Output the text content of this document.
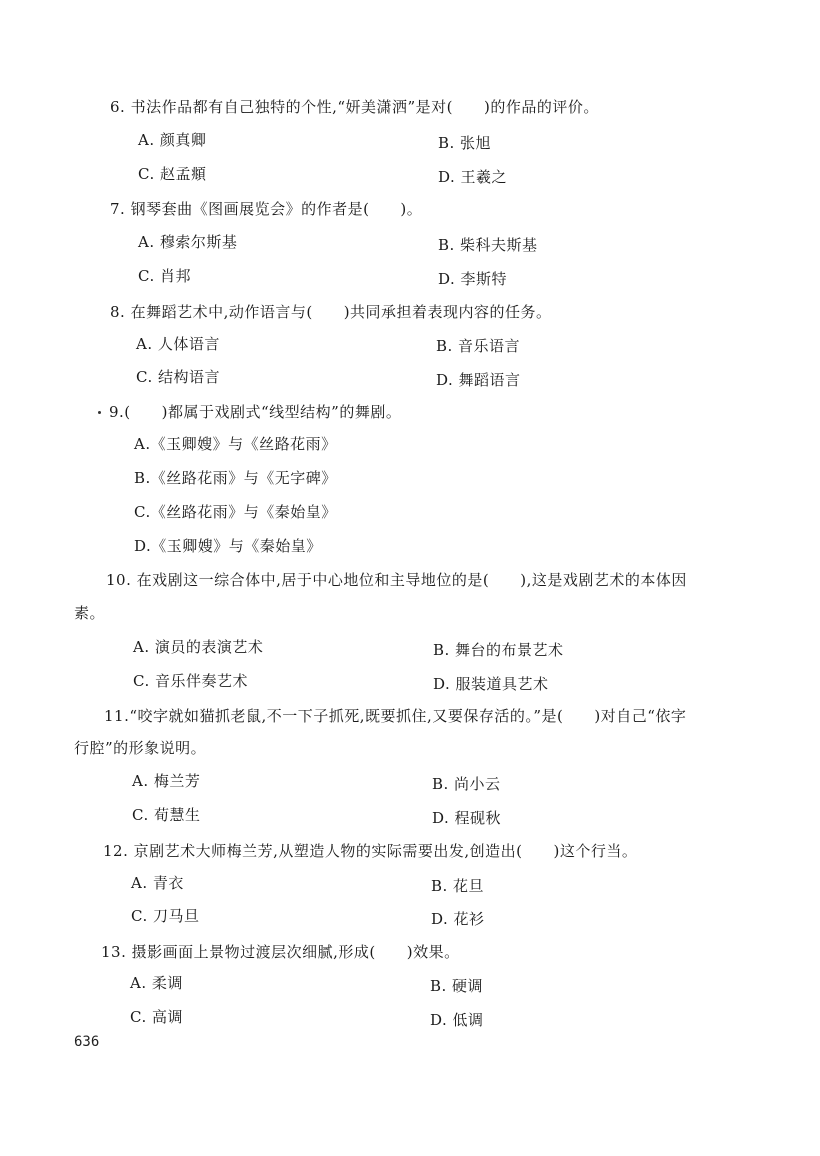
6. 书法作品都有自己独特的个性,“妍美潇洒”是对(　　)的作品的评价。
A. 颜真卿	B. 张旭
C. 赵孟頫	D. 王羲之
7. 钢琴套曲《图画展览会》的作者是(　　)。
A. 穆索尔斯基	B. 柴科夫斯基
C. 肖邦	D. 李斯特
8. 在舞蹈艺术中,动作语言与(　　)共同承担着表现内容的任务。
A. 人体语言	B. 音乐语言
C. 结构语言	D. 舞蹈语言
9.(　　)都属于戏剧式“线型结构”的舞剧。
A.《玉卿嫂》与《丝路花雨》
B.《丝路花雨》与《无字碑》
C.《丝路花雨》与《秦始皇》
D.《玉卿嫂》与《秦始皇》
10. 在戏剧这一综合体中,居于中心地位和主导地位的是(　　),这是戏剧艺术的本体因
素。
A. 演员的表演艺术	B. 舞台的布景艺术
C. 音乐伴奏艺术	D. 服装道具艺术
11.“咬字就如猫抓老鼠,不一下子抓死,既要抓住,又要保存活的。”是(　　)对自己“依字
行腔”的形象说明。
A. 梅兰芳	B. 尚小云
C. 荀慧生	D. 程砚秋
12. 京剧艺术大师梅兰芳,从塑造人物的实际需要出发,创造出(　　)这个行当。
A. 青衣	B. 花旦
C. 刀马旦	D. 花衫
13. 摄影画面上景物过渡层次细腻,形成(　　)效果。
A. 柔调	B. 硬调
C. 高调	D. 低调
636
